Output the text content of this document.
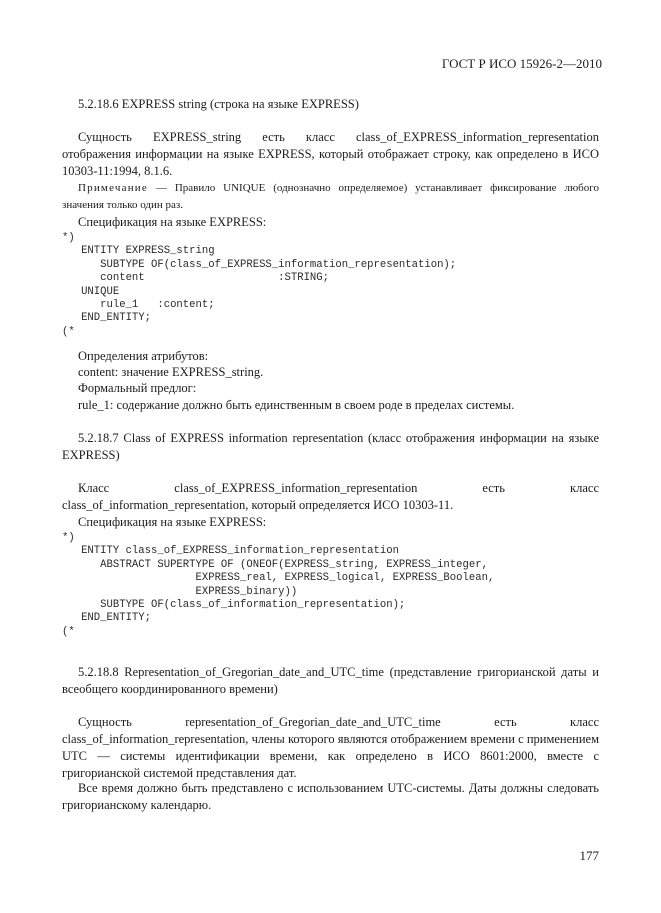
ГОСТ Р ИСО 15926-2—2010
5.2.18.6 EXPRESS string (строка на языке EXPRESS)
Сущность EXPRESS_string есть класс class_of_EXPRESS_information_representation отображения информации на языке EXPRESS, который отображает строку, как определено в ИСО 10303-11:1994, 8.1.6.
Примечание — Правило UNIQUE (однозначно определяемое) устанавливает фиксирование любого значения только один раз.
Спецификация на языке EXPRESS:
*)
ENTITY EXPRESS_string
SUBTYPE OF(class_of_EXPRESS_information_representation);
content                     :STRING;
UNIQUE
rule_1   :content;
END_ENTITY;
(*
Определения атрибутов:
content: значение EXPRESS_string.
Формальный предлог:
rule_1: содержание должно быть единственным в своем роде в пределах системы.
5.2.18.7 Class of EXPRESS information representation (класс отображения информации на языке EXPRESS)
Класс class_of_EXPRESS_information_representation есть класс class_of_information_representation, который определяется ИСО 10303-11.
Спецификация на языке EXPRESS:
*)
ENTITY class_of_EXPRESS_information_representation
ABSTRACT SUPERTYPE OF (ONEOF(EXPRESS_string, EXPRESS_integer,
EXPRESS_real, EXPRESS_logical, EXPRESS_Boolean,
EXPRESS_binary))
SUBTYPE OF(class_of_information_representation);
END_ENTITY;
(*
5.2.18.8 Representation_of_Gregorian_date_and_UTC_time (представление григорианской даты и всеобщего координированного времени)
Сущность representation_of_Gregorian_date_and_UTC_time есть класс class_of_information_representation, члены которого являются отображением времени с применением UTC — системы идентификации времени, как определено в ИСО 8601:2000, вместе с григорианской системой представления дат.
Все время должно быть представлено с использованием UTC-системы. Даты должны следовать григорианскому календарю.
177
